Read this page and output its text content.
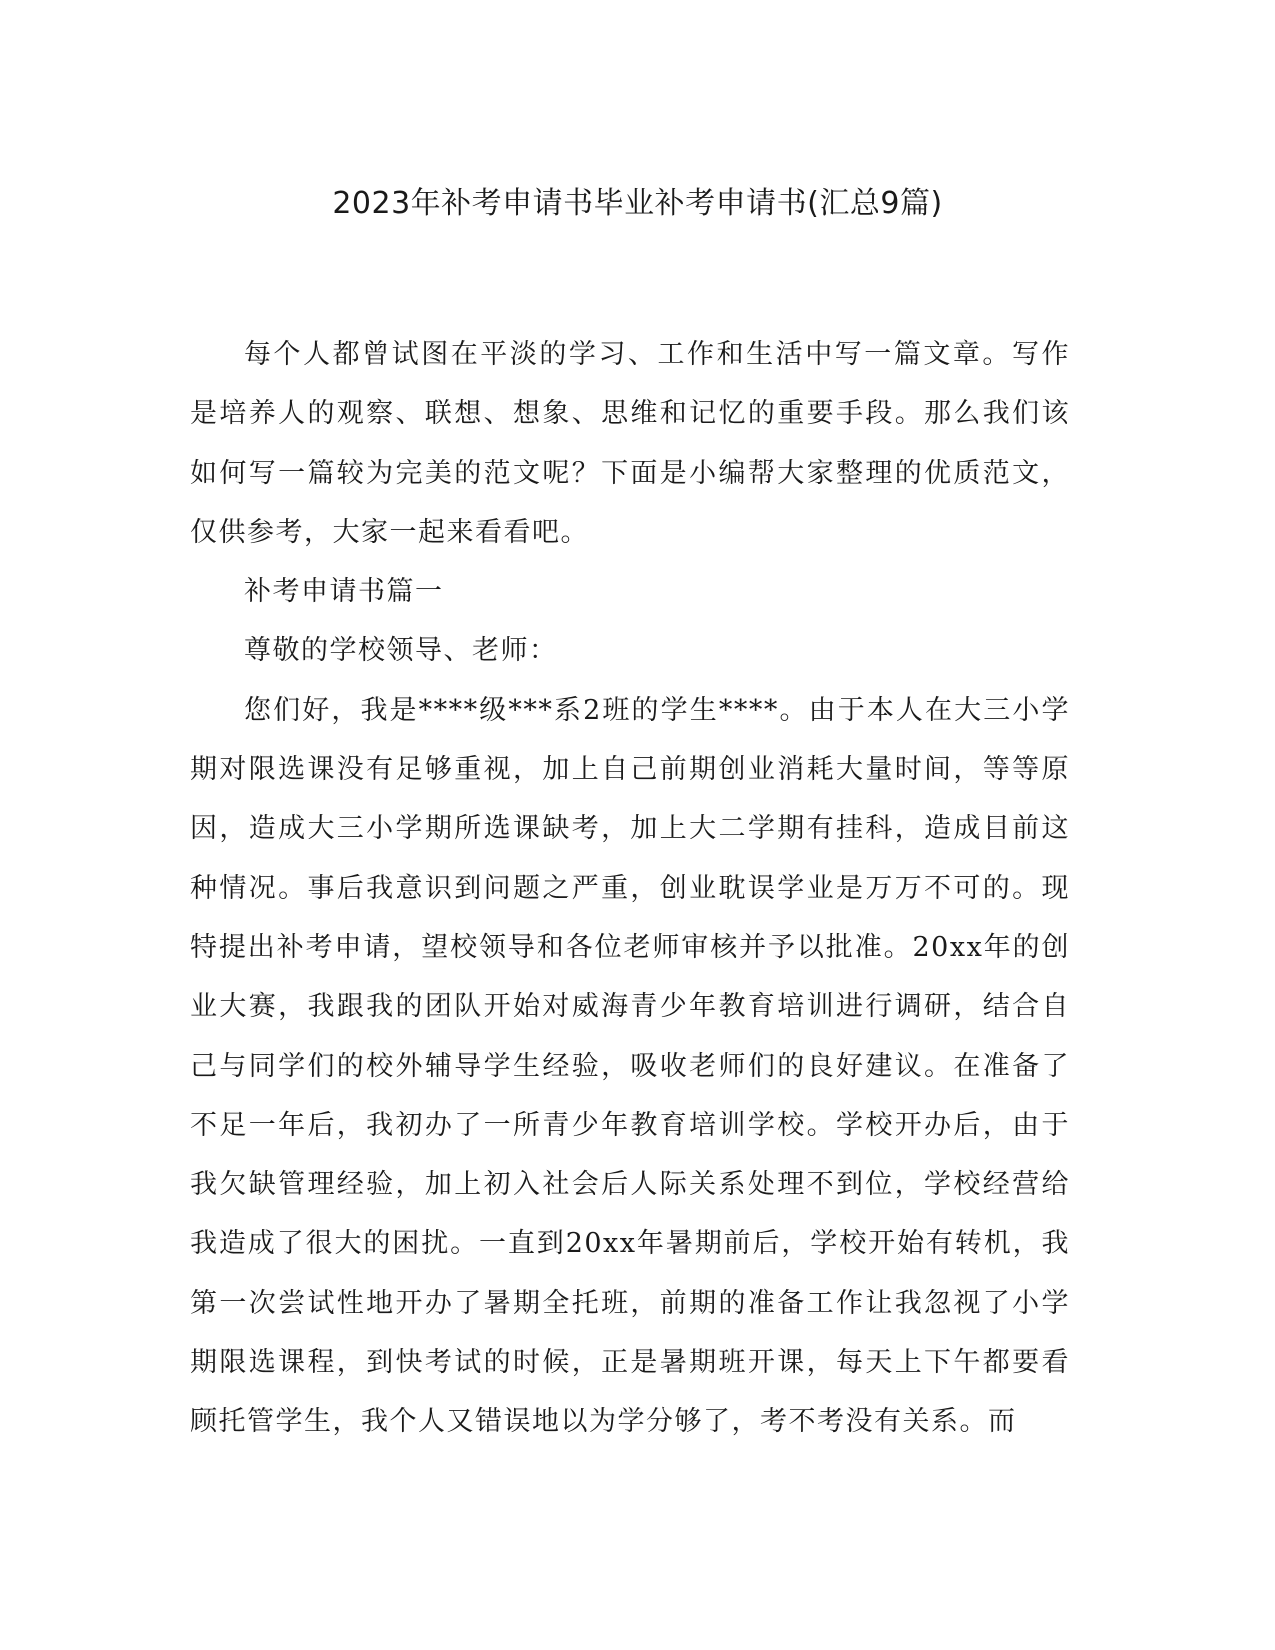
2023年补考申请书毕业补考申请书(汇总9篇)

每个人都曾试图在平淡的学习、工作和生活中写一篇文章。写作是培养人的观察、联想、想象、思维和记忆的重要手段。那么我们该如何写一篇较为完美的范文呢？下面是小编帮大家整理的优质范文，仅供参考，大家一起来看看吧。

补考申请书篇一

尊敬的学校领导、老师：

您们好，我是****级***系2班的学生****。由于本人在大三小学期对限选课没有足够重视，加上自己前期创业消耗大量时间，等等原因，造成大三小学期所选课缺考，加上大二学期有挂科，造成目前这种情况。事后我意识到问题之严重，创业耽误学业是万万不可的。现特提出补考申请，望校领导和各位老师审核并予以批准。20xx年的创业大赛，我跟我的团队开始对威海青少年教育培训进行调研，结合自己与同学们的校外辅导学生经验，吸收老师们的良好建议。在准备了不足一年后，我初办了一所青少年教育培训学校。学校开办后，由于我欠缺管理经验，加上初入社会后人际关系处理不到位，学校经营给我造成了很大的困扰。一直到20xx年暑期前后，学校开始有转机，我第一次尝试性地开办了暑期全托班，前期的准备工作让我忽视了小学期限选课程，到快考试的时候，正是暑期班开课，每天上下午都要看顾托管学生，我个人又错误地以为学分够了，考不考没有关系。而
